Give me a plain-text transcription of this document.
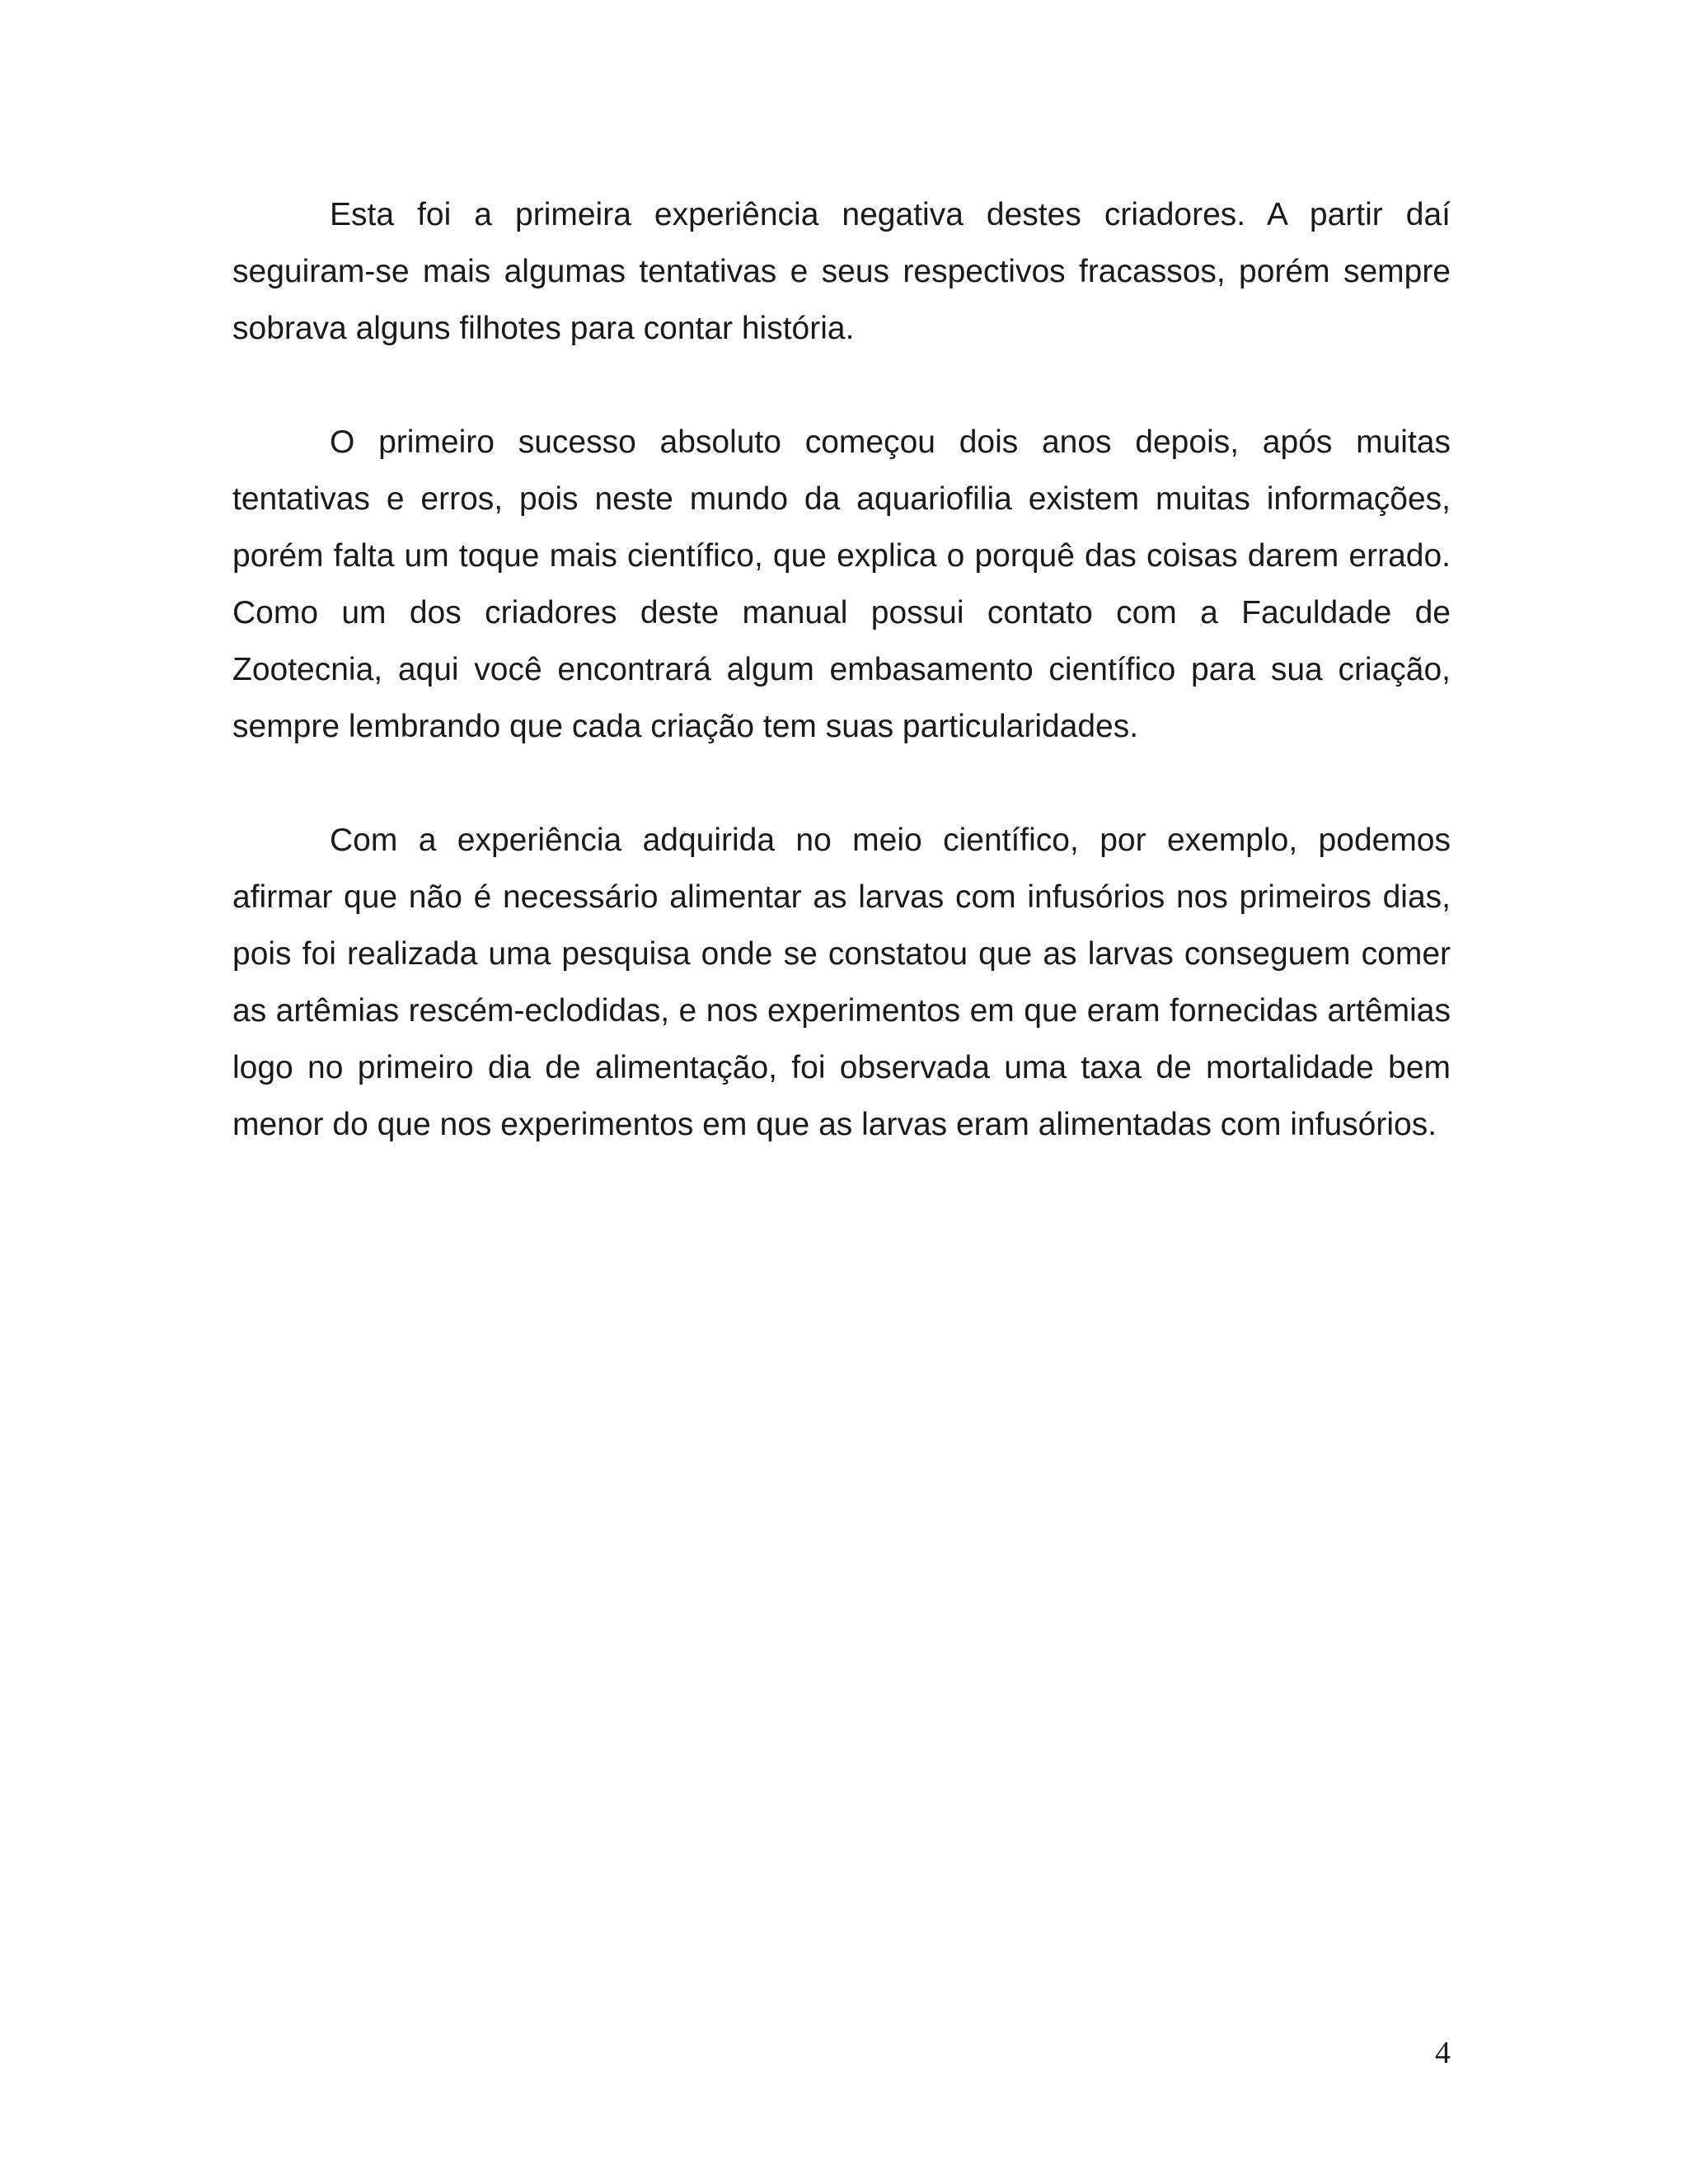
Esta foi a primeira experiência negativa destes criadores. A partir daí seguiram-se mais algumas tentativas e seus respectivos fracassos, porém sempre sobrava alguns filhotes para contar história.

O primeiro sucesso absoluto começou dois anos depois, após muitas tentativas e erros, pois neste mundo da aquariofilia existem muitas informações, porém falta um toque mais científico, que explica o porquê das coisas darem errado. Como um dos criadores deste manual possui contato com a Faculdade de Zootecnia, aqui você encontrará algum embasamento científico para sua criação, sempre lembrando que cada criação tem suas particularidades.

Com a experiência adquirida no meio científico, por exemplo, podemos afirmar que não é necessário alimentar as larvas com infusórios nos primeiros dias, pois foi realizada uma pesquisa onde se constatou que as larvas conseguem comer as artêmias rescém-eclodidas, e nos experimentos em que eram fornecidas artêmias logo no primeiro dia de alimentação, foi observada uma taxa de mortalidade bem menor do que nos experimentos em que as larvas eram alimentadas com infusórios.

4
